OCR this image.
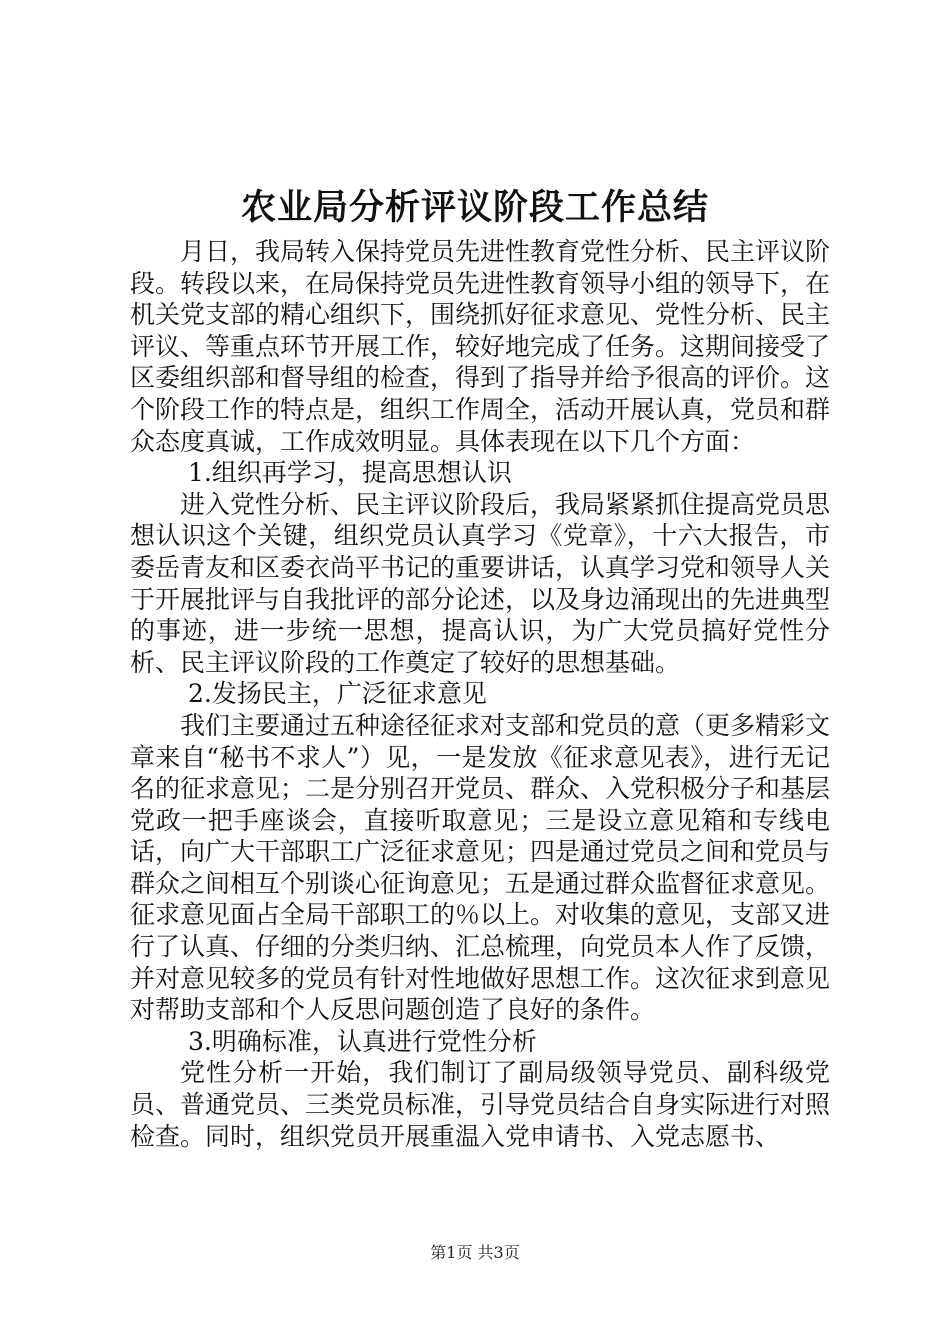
农业局分析评议阶段工作总结

月日，我局转入保持党员先进性教育党性分析、民主评议阶段。转段以来，在局保持党员先进性教育领导小组的领导下，在机关党支部的精心组织下，围绕抓好征求意见、党性分析、民主评议、等重点环节开展工作，较好地完成了任务。这期间接受了区委组织部和督导组的检查，得到了指导并给予很高的评价。这个阶段工作的特点是，组织工作周全，活动开展认真，党员和群众态度真诚，工作成效明显。具体表现在以下几个方面：

1.组织再学习，提高思想认识

进入党性分析、民主评议阶段后，我局紧紧抓住提高党员思想认识这个关键，组织党员认真学习《党章》，十六大报告，市委岳青友和区委衣尚平书记的重要讲话，认真学习党和领导人关于开展批评与自我批评的部分论述，以及身边涌现出的先进典型的事迹，进一步统一思想，提高认识，为广大党员搞好党性分析、民主评议阶段的工作奠定了较好的思想基础。

2.发扬民主，广泛征求意见

我们主要通过五种途径征求对支部和党员的意（更多精彩文章来自“秘书不求人”）见，一是发放《征求意见表》，进行无记名的征求意见；二是分别召开党员、群众、入党积极分子和基层党政一把手座谈会，直接听取意见；三是设立意见箱和专线电话，向广大干部职工广泛征求意见；四是通过党员之间和党员与群众之间相互个别谈心征询意见；五是通过群众监督征求意见。征求意见面占全局干部职工的％以上。对收集的意见，支部又进行了认真、仔细的分类归纳、汇总梳理，向党员本人作了反馈，并对意见较多的党员有针对性地做好思想工作。这次征求到意见对帮助支部和个人反思问题创造了良好的条件。

3.明确标准，认真进行党性分析

党性分析一开始，我们制订了副局级领导党员、副科级党员、普通党员、三类党员标准，引导党员结合自身实际进行对照检查。同时，组织党员开展重温入党申请书、入党志愿书、

第1页 共3页
